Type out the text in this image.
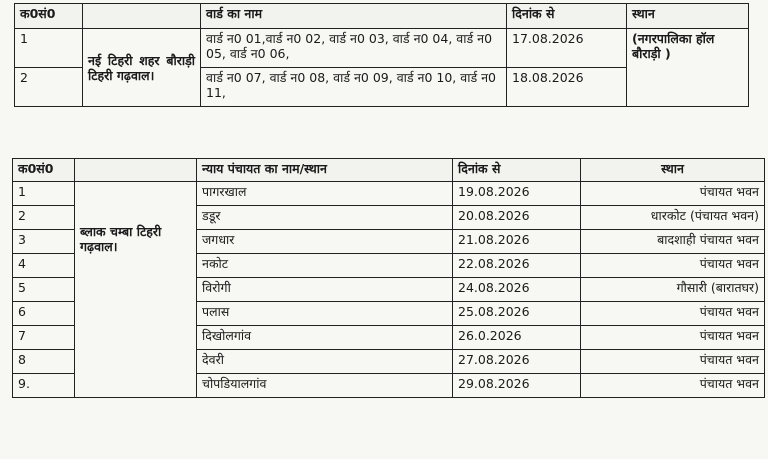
क0सं0		वार्ड का नाम	दिनांक से	स्थान
1	नई टिहरी शहर बौराड़ी टिहरी गढ़वाल।	वार्ड न0 01,वार्ड न0 02, वार्ड न0 03, वार्ड न0 04, वार्ड न0 05, वार्ड न0 06,	17.08.2026	(नगरपालिका हॉल बौराड़ी )
2		वार्ड न0 07, वार्ड न0 08, वार्ड न0 09, वार्ड न0 10, वार्ड न0 11,	18.08.2026	
क0सं0		न्याय पंचायत का नाम/स्थान	दिनांक से	स्थान
1	ब्लाक चम्बा टिहरी गढ़वाल।	पागरखाल	19.08.2026	पंचायत भवन
2		डडूर	20.08.2026	धारकोट (पंचायत भवन)
3		जगधार	21.08.2026	बादशाही पंचायत भवन
4		नकोट	22.08.2026	पंचायत भवन
5		विरोगी	24.08.2026	गौसारी (बारातघर)
6		पलास	25.08.2026	पंचायत भवन
7		दिखोलगांव	26.0.2026	पंचायत भवन
8		देवरी	27.08.2026	पंचायत भवन
9.		चोपडियालगांव	29.08.2026	पंचायत भवन
